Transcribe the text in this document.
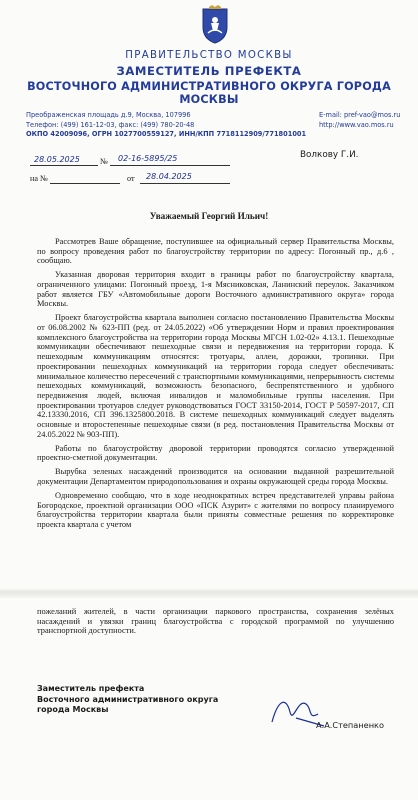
ПРАВИТЕЛЬСТВО МОСКВЫ
ЗАМЕСТИТЕЛЬ ПРЕФЕКТА
ВОСТОЧНОГО АДМИНИСТРАТИВНОГО ОКРУГА ГОРОДА МОСКВЫ
Преображенская площадь д.9, Москва, 107996
Телефон: (499) 161-12-03, факс: (499) 780-20-48
ОКПО 42009096, ОГРН 1027700559127, ИНН/КПП 7718112909/771801001
E-mail: pref-vao@mos.ru
http://www.vao.mos.ru
28.05.2025 № 02-16-5895/25
на №	от 28.04.2025
Волкову Г.И.
Уважаемый Георгий Ильич!

Рассмотрев Ваше обращение, поступившее на официальный сервер Правительства Москвы, по вопросу проведения работ по благоустройству территории по адресу: Погонный пр., д.6 , сообщаю.

Указанная дворовая территория входит в границы работ по благоустройству квартала, ограниченного улицами: Погонный проезд, 1-я Мясниковская, Ланинский переулок. Заказчиком работ является ГБУ «Автомобильные дороги Восточного административного округа» города Москвы.

Проект благоустройства квартала выполнен согласно постановлению Правительства Москвы от 06.08.2002 № 623-ПП (ред. от 24.05.2022) «Об утверждении Норм и правил проектирования комплексного благоустройства на территории города Москвы МГСН 1.02-02» 4.13.1. Пешеходные коммуникации обеспечивают пешеходные связи и передвижения на территории города. К пешеходным коммуникациям относятся: тротуары, аллеи, дорожки, тропинки. При проектировании пешеходных коммуникаций на территории города следует обеспечивать: минимальное количество пересечений с транспортными коммуникациями, непрерывность системы пешеходных коммуникаций, возможность безопасного, беспрепятственного и удобного передвижения людей, включая инвалидов и маломобильные группы населения. При проектировании тротуаров следует руководствоваться ГОСТ 33150-2014, ГОСТ Р 50597-2017, СП 42.13330.2016, СП 396.1325800.2018. В системе пешеходных коммуникаций следует выделять основные и второстепенные пешеходные связи (в ред. постановления Правительства Москвы от 24.05.2022 № 903-ПП).

Работы по благоустройству дворовой территории проводятся согласно утвержденной проектно-сметной документации.

Вырубка зеленых насаждений производится на основании выданной разрешительной документации Департаментом природопользования и охраны окружающей среды города Москвы.

Одновременно сообщаю, что в ходе неоднократных встреч представителей управы района Богородское, проектной организации ООО «ПСК Азурит» с жителями по вопросу планируемого благоустройства территории квартала были приняты совместные решения по корректировке проекта квартала с учетом

пожеланий жителей, в части организации паркового пространства, сохранения зелёных насаждений и увязки границ благоустройства с городской программой по улучшению транспортной доступности.

Заместитель префекта
Восточного административного округа
города Москвы
А.А.Степаненко
